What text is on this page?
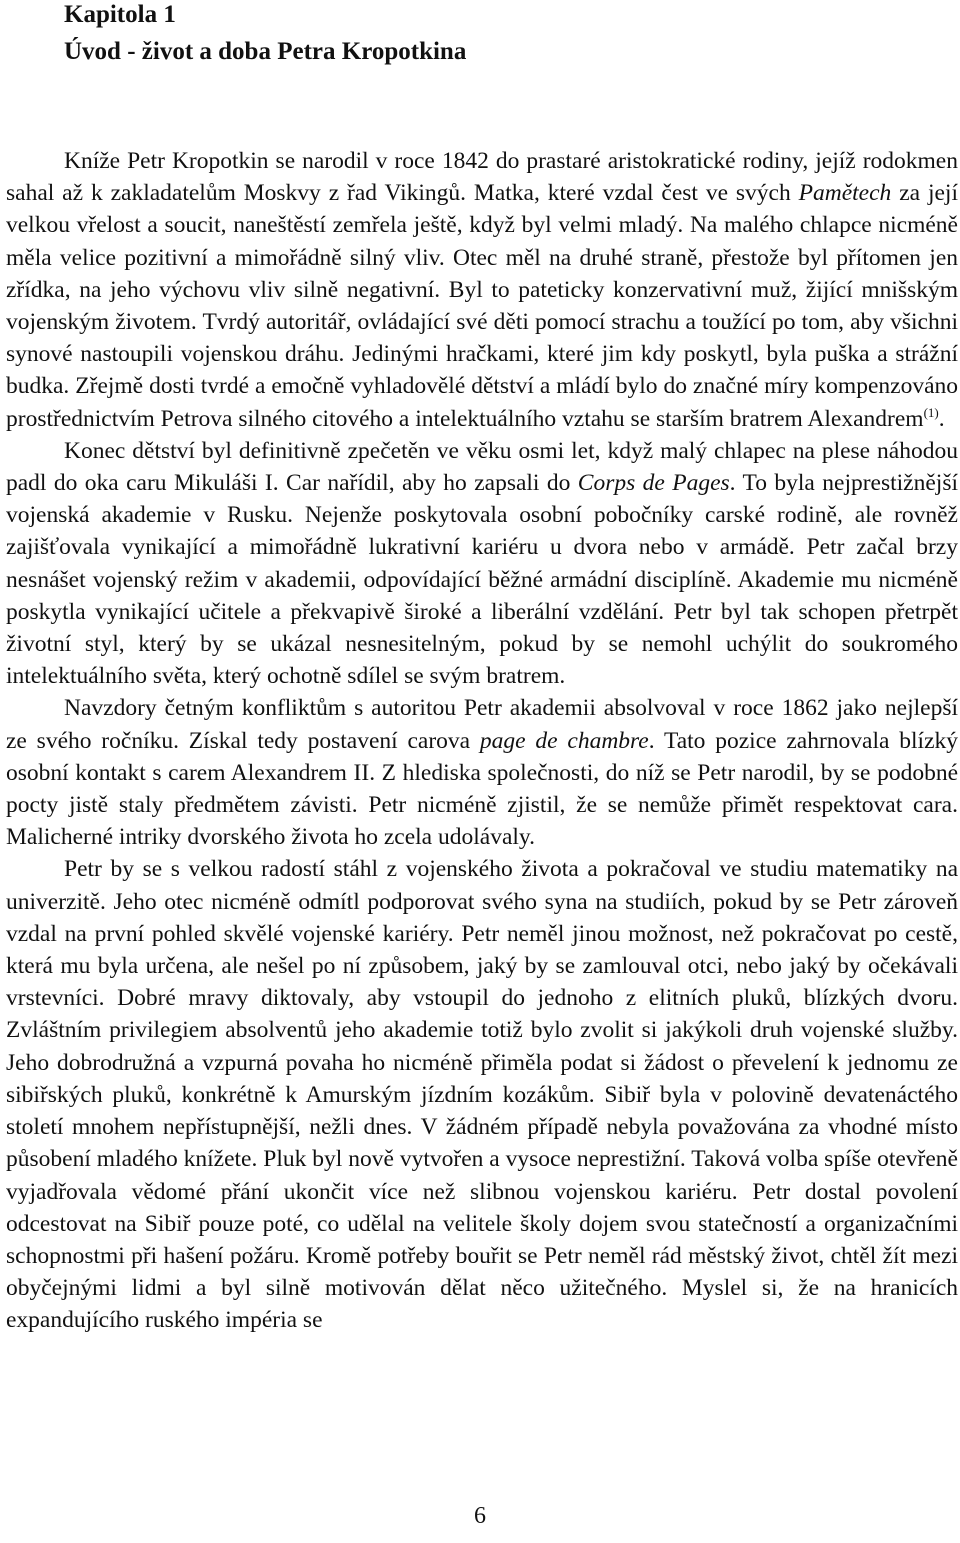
Kapitola 1
Úvod - život a doba Petra Kropotkina

Kníže Petr Kropotkin se narodil v roce 1842 do prastaré aristokratické rodiny, jejíž rodokmen sahal až k zakladatelům Moskvy z řad Vikingů. Matka, které vzdal čest ve svých Pamětech za její velkou vřelost a soucit, naneštěstí zemřela ještě, když byl velmi mladý. Na malého chlapce nicméně měla velice pozitivní a mimořádně silný vliv. Otec měl na druhé straně, přestože byl přítomen jen zřídka, na jeho výchovu vliv silně negativní. Byl to pateticky konzervativní muž, žijící mnišským vojenským životem. Tvrdý autoritář, ovládající své děti pomocí strachu a toužící po tom, aby všichni synové nastoupili vojenskou dráhu. Jedinými hračkami, které jim kdy poskytl, byla puška a strážní budka. Zřejmě dosti tvrdé a emočně vyhladovělé dětství a mládí bylo do značné míry kompenzováno prostřednictvím Petrova silného citového a intelektuálního vztahu se starším bratrem Alexandrem$^{(1)}$.

Konec dětství byl definitivně zpečetěn ve věku osmi let, když malý chlapec na plese náhodou padl do oka caru Mikuláši I. Car nařídil, aby ho zapsali do Corps de Pages. To byla nejprestižnější vojenská akademie v Rusku. Nejenže poskytovala osobní pobočníky carské rodině, ale rovněž zajišťovala vynikající a mimořádně lukrativní kariéru u dvora nebo v armádě. Petr začal brzy nesnášet vojenský režim v akademii, odpovídající běžné armádní disciplíně. Akademie mu nicméně poskytla vynikající učitele a překvapivě široké a liberální vzdělání. Petr byl tak schopen přetrpět životní styl, který by se ukázal nesnesitelným, pokud by se nemohl uchýlit do soukromého intelektuálního světa, který ochotně sdílel se svým bratrem.

Navzdory četným konfliktům s autoritou Petr akademii absolvoval v roce 1862 jako nejlepší ze svého ročníku. Získal tedy postavení carova page de chambre. Tato pozice zahrnovala blízký osobní kontakt s carem Alexandrem II. Z hlediska společnosti, do níž se Petr narodil, by se podobné pocty jistě staly předmětem závisti. Petr nicméně zjistil, že se nemůže přimět respektovat cara. Malicherné intriky dvorského života ho zcela udolávaly.

Petr by se s velkou radostí stáhl z vojenského života a pokračoval ve studiu matematiky na univerzitě. Jeho otec nicméně odmítl podporovat svého syna na studiích, pokud by se Petr zároveň vzdal na první pohled skvělé vojenské kariéry. Petr neměl jinou možnost, než pokračovat po cestě, která mu byla určena, ale nešel po ní způsobem, jaký by se zamlouval otci, nebo jaký by očekávali vrstevníci. Dobré mravy diktovaly, aby vstoupil do jednoho z elitních pluků, blízkých dvoru. Zvláštním privilegiem absolventů jeho akademie totiž bylo zvolit si jakýkoli druh vojenské služby. Jeho dobrodružná a vzpurná povaha ho nicméně přiměla podat si žádost o převelení k jednomu ze sibiřských pluků, konkrétně k Amurským jízdním kozákům. Sibiř byla v polovině devatenáctého století mnohem nepřístupnější, nežli dnes. V žádném případě nebyla považována za vhodné místo působení mladého knížete. Pluk byl nově vytvořen a vysoce neprestižní. Taková volba spíše otevřeně vyjadřovala vědomé přání ukončit více než slibnou vojenskou kariéru. Petr dostal povolení odcestovat na Sibiř pouze poté, co udělal na velitele školy dojem svou statečností a organizačními schopnostmi při hašení požáru. Kromě potřeby bouřit se Petr neměl rád městský život, chtěl žít mezi obyčejnými lidmi a byl silně motivován dělat něco užitečného. Myslel si, že na hranicích expandujícího ruského impéria se

6
